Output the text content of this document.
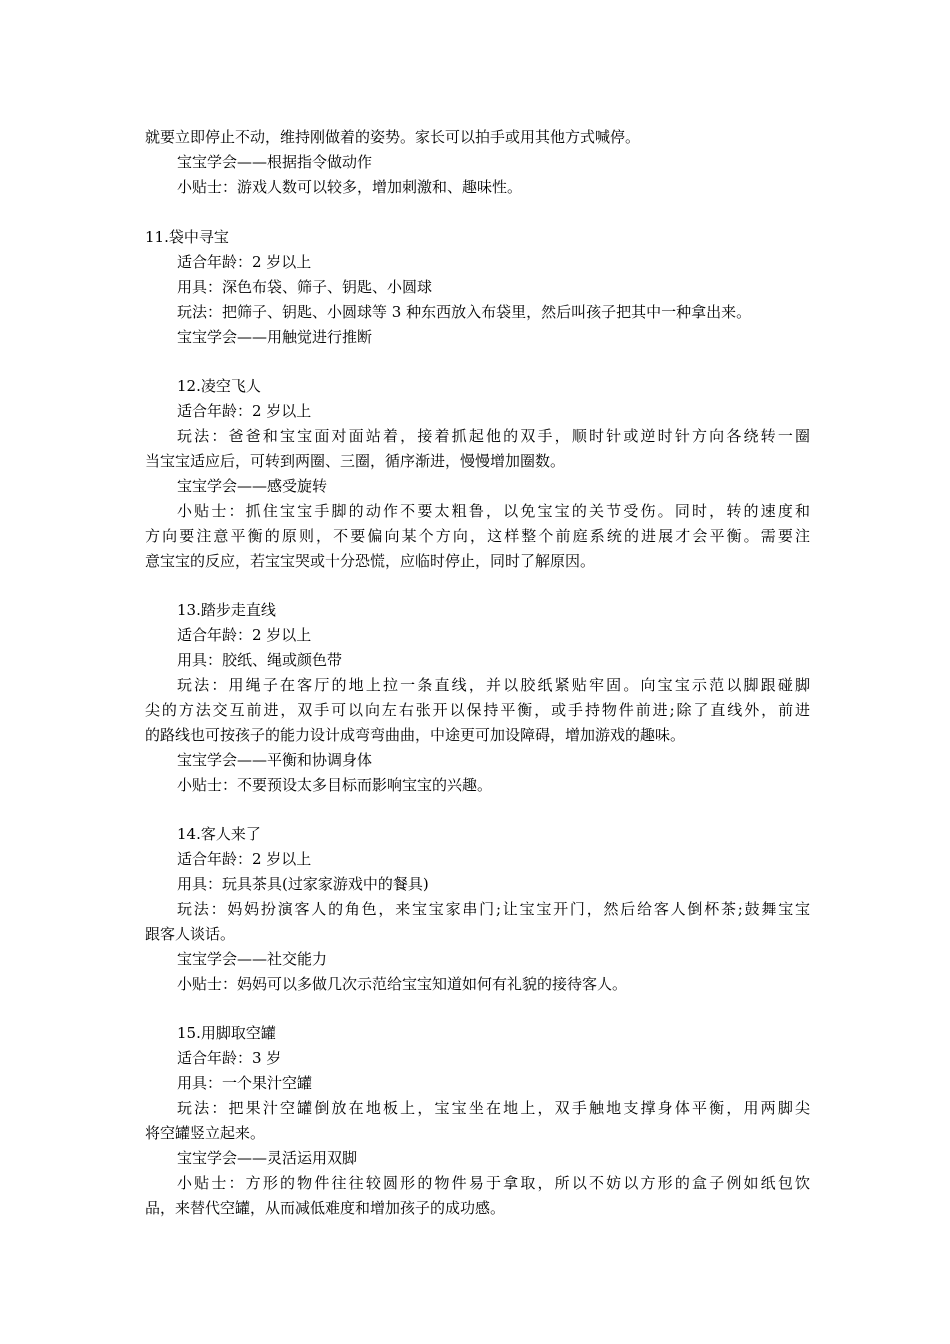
就要立即停止不动，维持刚做着的姿势。家长可以拍手或用其他方式喊停。
宝宝学会——根据指令做动作
小贴士：游戏人数可以较多，增加刺激和、趣味性。
11.袋中寻宝
适合年龄：2 岁以上
用具：深色布袋、筛子、钥匙、小圆球
玩法：把筛子、钥匙、小圆球等 3 种东西放入布袋里，然后叫孩子把其中一种拿出来。
宝宝学会——用触觉进行推断
12.凌空飞人
适合年龄：2 岁以上
玩法：爸爸和宝宝面对面站着，接着抓起他的双手，顺时针或逆时针方向各绕转一圈
当宝宝适应后，可转到两圈、三圈，循序渐进，慢慢增加圈数。
宝宝学会——感受旋转
小贴士：抓住宝宝手脚的动作不要太粗鲁，以免宝宝的关节受伤。同时，转的速度和
方向要注意平衡的原则，不要偏向某个方向，这样整个前庭系统的进展才会平衡。需要注
意宝宝的反应，若宝宝哭或十分恐慌，应临时停止，同时了解原因。
13.踏步走直线
适合年龄：2 岁以上
用具：胶纸、绳或颜色带
玩法：用绳子在客厅的地上拉一条直线，并以胶纸紧贴牢固。向宝宝示范以脚跟碰脚
尖的方法交互前进，双手可以向左右张开以保持平衡，或手持物件前进;除了直线外，前进
的路线也可按孩子的能力设计成弯弯曲曲，中途更可加设障碍，增加游戏的趣味。
宝宝学会——平衡和协调身体
小贴士：不要预设太多目标而影响宝宝的兴趣。
14.客人来了
适合年龄：2 岁以上
用具：玩具茶具(过家家游戏中的餐具)
玩法：妈妈扮演客人的角色，来宝宝家串门;让宝宝开门，然后给客人倒杯茶;鼓舞宝宝
跟客人谈话。
宝宝学会——社交能力
小贴士：妈妈可以多做几次示范给宝宝知道如何有礼貌的接待客人。
15.用脚取空罐
适合年龄：3 岁
用具：一个果汁空罐
玩法：把果汁空罐倒放在地板上，宝宝坐在地上，双手触地支撑身体平衡，用两脚尖
将空罐竖立起来。
宝宝学会——灵活运用双脚
小贴士：方形的物件往往较圆形的物件易于拿取，所以不妨以方形的盒子例如纸包饮
品，来替代空罐，从而减低难度和增加孩子的成功感。
